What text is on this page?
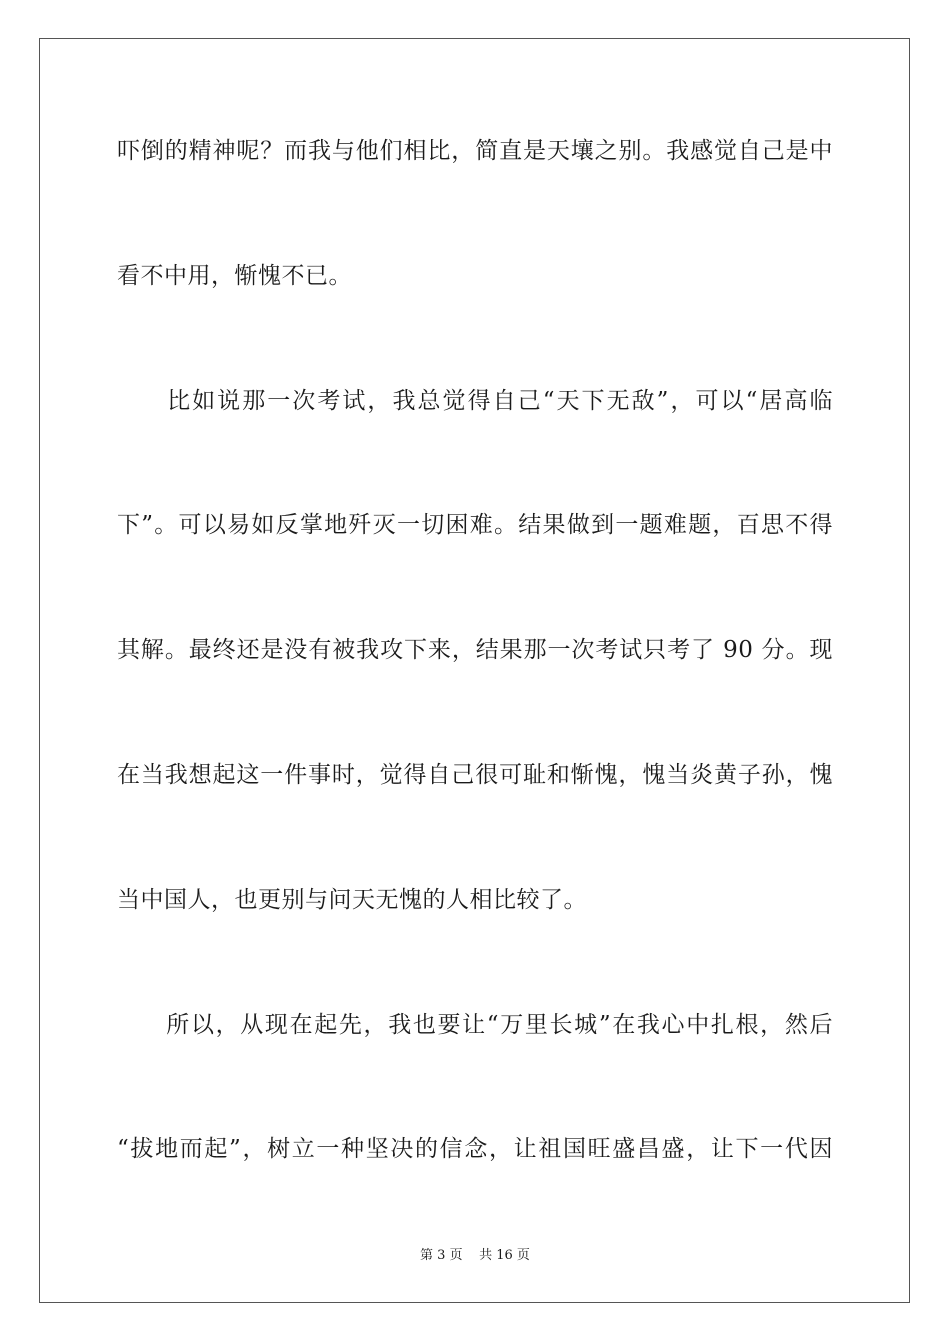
吓倒的精神呢？而我与他们相比，简直是天壤之别。我感觉自己是中
看不中用，惭愧不已。
　　比如说那一次考试，我总觉得自己“天下无敌”，可以“居高临
下”。可以易如反掌地歼灭一切困难。结果做到一题难题，百思不得
其解。最终还是没有被我攻下来，结果那一次考试只考了 90 分。现
在当我想起这一件事时，觉得自己很可耻和惭愧，愧当炎黄子孙，愧
当中国人，也更别与问天无愧的人相比较了。
　　所以，从现在起先，我也要让“万里长城”在我心中扎根，然后
“拔地而起”，树立一种坚决的信念，让祖国旺盛昌盛，让下一代因
第 3 页 共 16 页
